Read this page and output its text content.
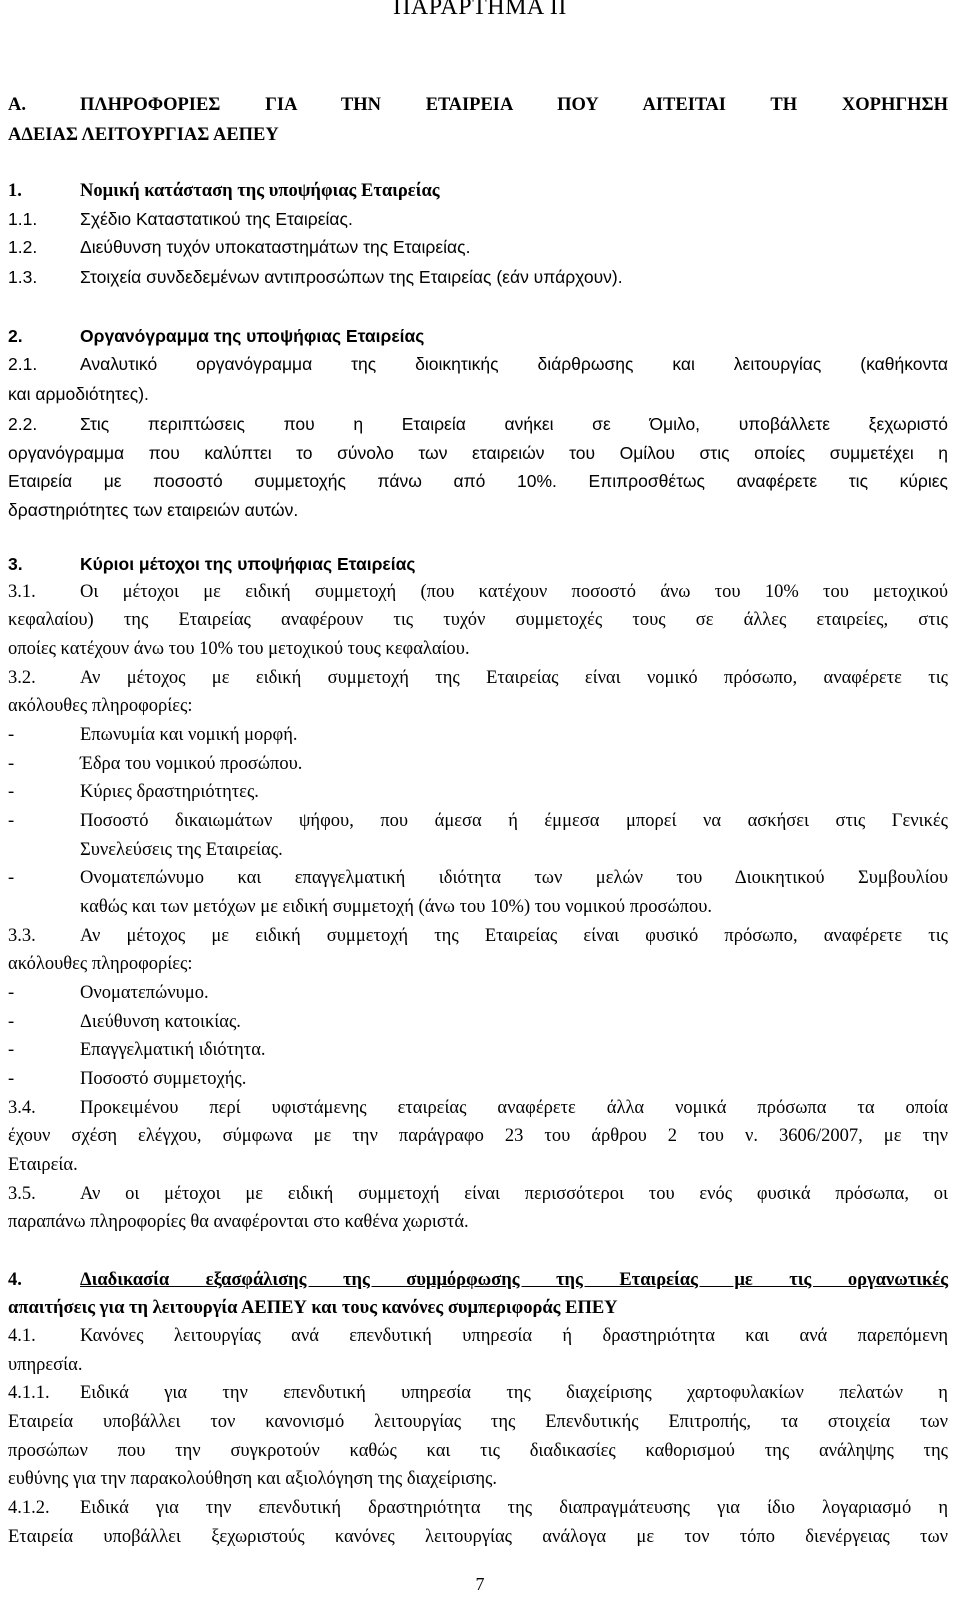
ΠΑΡΑΡΤΗΜΑ ΙΙ
Α.	ΠΛΗΡΟΦΟΡΙΕΣ ΓΙΑ ΤΗΝ ΕΤΑΙΡΕΙΑ ΠΟΥ ΑΙΤΕΙΤΑΙ ΤΗ ΧΟΡΗΓΗΣΗ
ΑΔΕΙΑΣ ΛΕΙΤΟΥΡΓΙΑΣ ΑΕΠΕΥ
1.	Νομική κατάσταση της υποψήφιας Εταιρείας
1.1. Σχέδιο Καταστατικού της Εταιρείας.
1.2. Διεύθυνση τυχόν υποκαταστημάτων της Εταιρείας.
1.3. Στοιχεία συνδεδεμένων αντιπροσώπων της Εταιρείας (εάν υπάρχουν).
2.	Οργανόγραμμα της υποψήφιας Εταιρείας
2.1. Αναλυτικό οργανόγραμμα της διοικητικής διάρθρωσης και λειτουργίας (καθήκοντα
και αρμοδιότητες).
2.2. Στις περιπτώσεις που η Εταιρεία ανήκει σε Όμιλο, υποβάλλετε ξεχωριστό
οργανόγραμμα που καλύπτει το σύνολο των εταιρειών του Ομίλου στις οποίες συμμετέχει η
Εταιρεία με ποσοστό συμμετοχής πάνω από 10%. Επιπροσθέτως αναφέρετε τις κύριες
δραστηριότητες των εταιρειών αυτών.
3.	Κύριοι μέτοχοι της υποψήφιας Εταιρείας
3.1. Οι μέτοχοι με ειδική συμμετοχή (που κατέχουν ποσοστό άνω του 10% του μετοχικού
κεφαλαίου) της Εταιρείας αναφέρουν τις τυχόν συμμετοχές τους σε άλλες εταιρείες, στις
οποίες κατέχουν άνω του 10% του μετοχικού τους κεφαλαίου.
3.2. Αν μέτοχος με ειδική συμμετοχή της Εταιρείας είναι νομικό πρόσωπο, αναφέρετε τις
ακόλουθες πληροφορίες:
-	Επωνυμία και νομική μορφή.
-	Έδρα του νομικού προσώπου.
-	Κύριες δραστηριότητες.
-	Ποσοστό δικαιωμάτων ψήφου, που άμεσα ή έμμεσα μπορεί να ασκήσει στις Γενικές
Συνελεύσεις της Εταιρείας.
-	Ονοματεπώνυμο και επαγγελματική ιδιότητα των μελών του Διοικητικού Συμβουλίου
καθώς και των μετόχων με ειδική συμμετοχή (άνω του 10%) του νομικού προσώπου.
3.3. Αν μέτοχος με ειδική συμμετοχή της Εταιρείας είναι φυσικό πρόσωπο, αναφέρετε τις
ακόλουθες πληροφορίες:
-	Ονοματεπώνυμο.
-	Διεύθυνση κατοικίας.
-	Επαγγελματική ιδιότητα.
-	Ποσοστό συμμετοχής.
3.4. Προκειμένου περί υφιστάμενης εταιρείας αναφέρετε άλλα νομικά πρόσωπα τα οποία
έχουν σχέση ελέγχου, σύμφωνα με την παράγραφο 23 του άρθρου 2 του ν. 3606/2007, με την
Εταιρεία.
3.5. Αν οι μέτοχοι με ειδική συμμετοχή είναι περισσότεροι του ενός φυσικά πρόσωπα, οι
παραπάνω πληροφορίες θα αναφέρονται στο καθένα χωριστά.
4.	Διαδικασία εξασφάλισης της συμμόρφωσης της Εταιρείας με τις οργανωτικές
απαιτήσεις για τη λειτουργία ΑΕΠΕΥ και τους κανόνες συμπεριφοράς ΕΠΕΥ
4.1. Κανόνες λειτουργίας ανά επενδυτική υπηρεσία ή δραστηριότητα και ανά παρεπόμενη
υπηρεσία.
4.1.1. Ειδικά για την επενδυτική υπηρεσία της διαχείρισης χαρτοφυλακίων πελατών η
Εταιρεία υποβάλλει τον κανονισμό λειτουργίας της Επενδυτικής Επιτροπής, τα στοιχεία των
προσώπων που την συγκροτούν καθώς και τις διαδικασίες καθορισμού της ανάληψης της
ευθύνης για την παρακολούθηση και αξιολόγηση της διαχείρισης.
4.1.2. Ειδικά για την επενδυτική δραστηριότητα της διαπραγμάτευσης για ίδιο λογαριασμό η
Εταιρεία υποβάλλει ξεχωριστούς κανόνες λειτουργίας ανάλογα με τον τόπο διενέργειας των
7
